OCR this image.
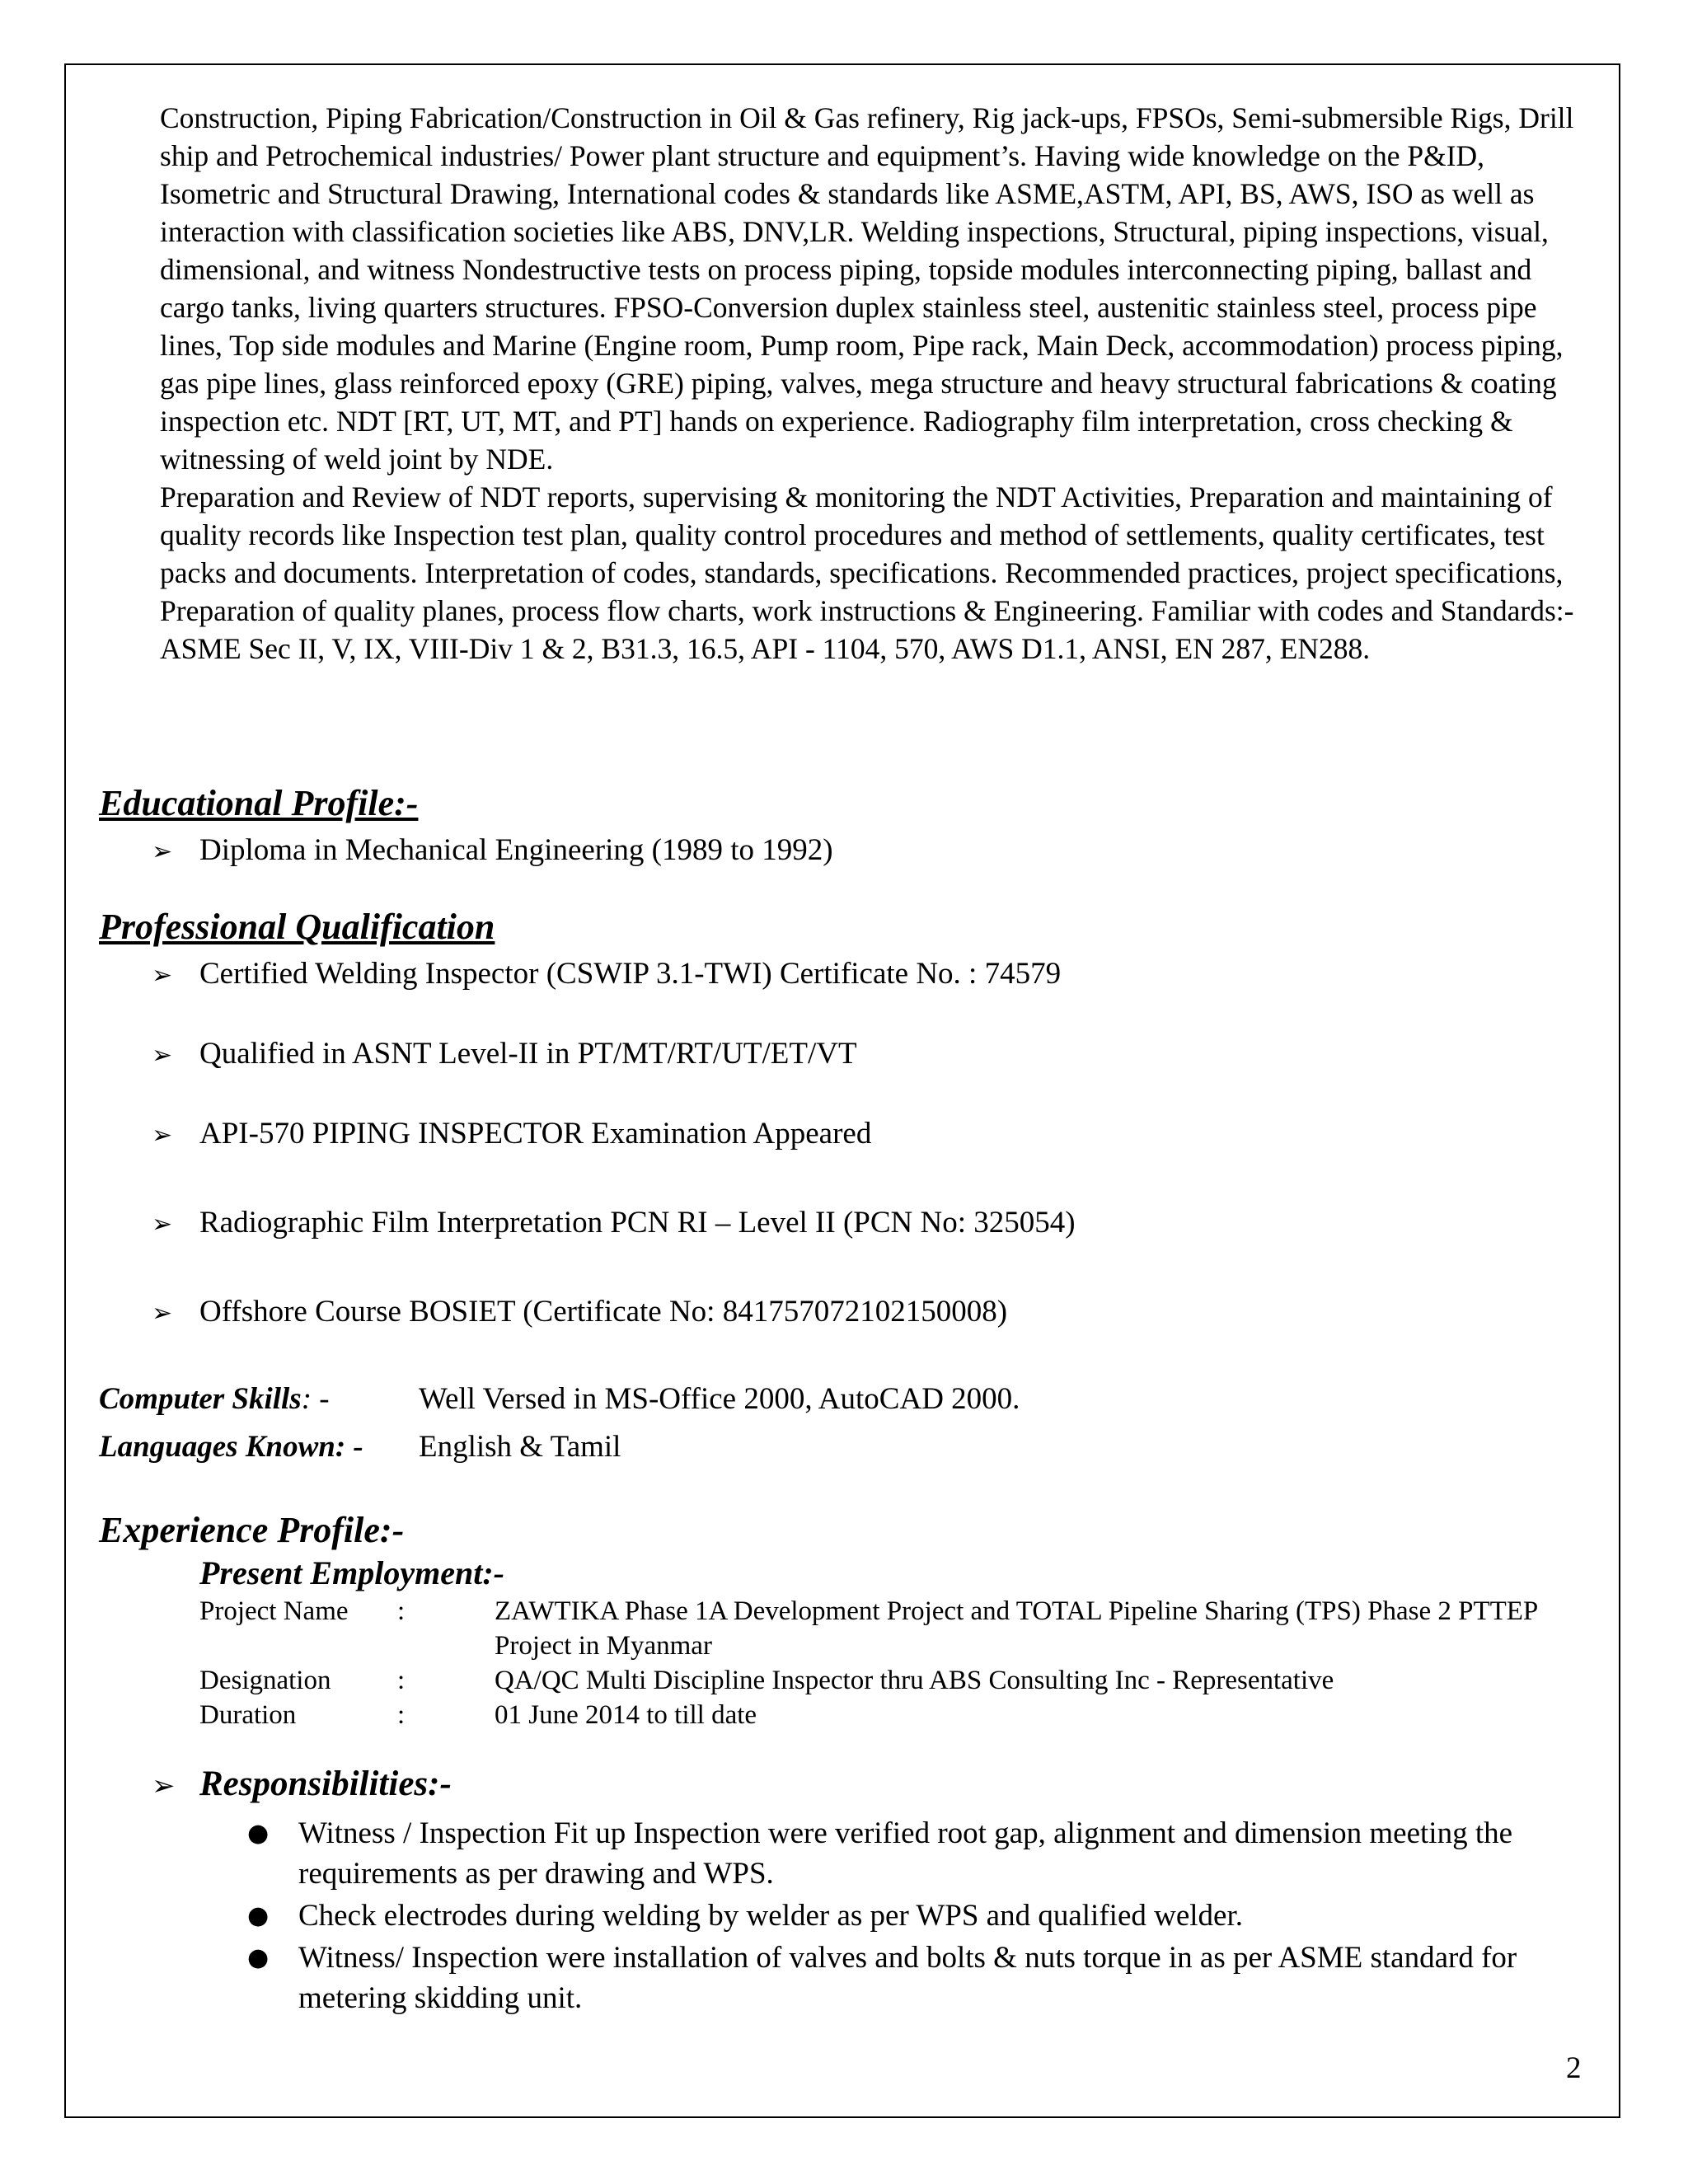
Construction, Piping Fabrication/Construction in Oil & Gas refinery, Rig jack-ups, FPSOs, Semi-submersible Rigs, Drill ship and Petrochemical industries/ Power plant structure and equipment’s. Having wide knowledge on the P&ID, Isometric and Structural Drawing, International codes & standards like ASME,ASTM, API, BS, AWS, ISO as well as interaction with classification societies like ABS, DNV,LR. Welding inspections, Structural, piping inspections, visual, dimensional, and witness Nondestructive tests on process piping, topside modules interconnecting piping, ballast and cargo tanks, living quarters structures. FPSO-Conversion duplex stainless steel, austenitic stainless steel, process pipe lines, Top side modules and Marine (Engine room, Pump room, Pipe rack, Main Deck, accommodation) process piping, gas pipe lines, glass reinforced epoxy (GRE) piping, valves, mega structure and heavy structural fabrications & coating inspection etc. NDT [RT, UT, MT, and PT] hands on experience. Radiography film interpretation, cross checking & witnessing of weld joint by NDE.

Preparation and Review of NDT reports, supervising & monitoring the NDT Activities, Preparation and maintaining of quality records like Inspection test plan, quality control procedures and method of settlements, quality certificates, test packs and documents. Interpretation of codes, standards, specifications. Recommended practices, project specifications, Preparation of quality planes, process flow charts, work instructions & Engineering. Familiar with codes and Standards:- ASME Sec II, V, IX, VIII-Div 1 & 2, B31.3, 16.5, API - 1104, 570, AWS D1.1, ANSI, EN 287, EN288.

Educational Profile:-
➢ Diploma in Mechanical Engineering (1989 to 1992)
Professional Qualification
➢ Certified Welding Inspector (CSWIP 3.1-TWI) Certificate No. : 74579
➢ Qualified in ASNT Level-II in PT/MT/RT/UT/ET/VT
➢ API-570 PIPING INSPECTOR Examination Appeared
➢ Radiographic Film Interpretation PCN RI – Level II (PCN No: 325054)
➢ Offshore Course BOSIET (Certificate No: 841757072102150008)
Computer Skills: -	Well Versed in MS-Office 2000, AutoCAD 2000.
Languages Known: - English & Tamil
Experience Profile:-
Present Employment:-
Project Name	:	ZAWTIKA Phase 1A Development Project and TOTAL Pipeline Sharing (TPS) Phase 2 PTTEP Project in Myanmar
Designation	:	QA/QC Multi Discipline Inspector thru ABS Consulting Inc - Representative
Duration	:	01 June 2014 to till date
➢ Responsibilities:-
● Witness / Inspection Fit up Inspection were verified root gap, alignment and dimension meeting the requirements as per drawing and WPS.
● Check electrodes during welding by welder as per WPS and qualified welder.
● Witness/ Inspection were installation of valves and bolts & nuts torque in as per ASME standard for metering skidding unit.
2
